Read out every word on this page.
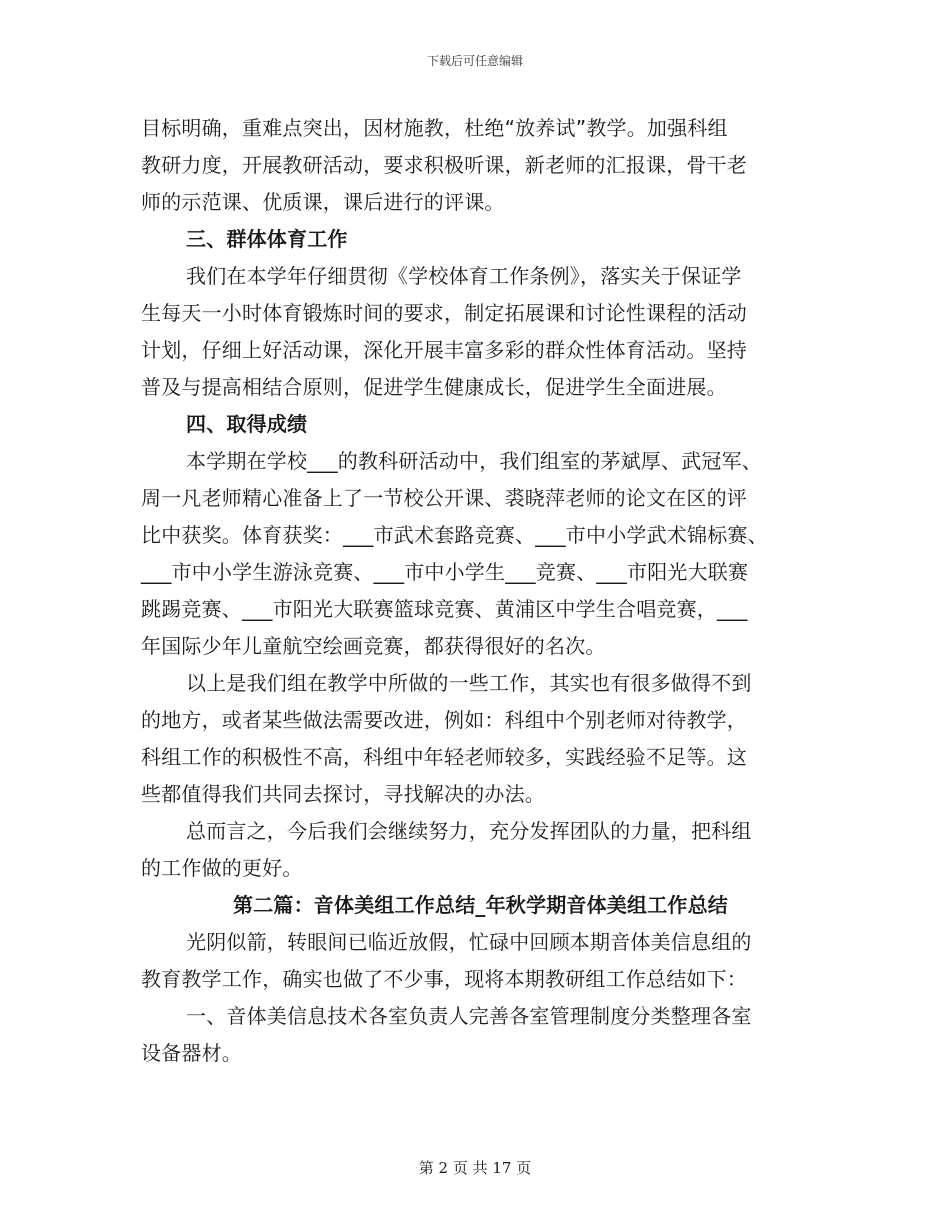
下载后可任意编辑
目标明确，重难点突出，因材施教，杜绝“放养试”教学。加强科组
教研力度，开展教研活动，要求积极听课，新老师的汇报课，骨干老
师的示范课、优质课，课后进行的评课。
三、群体体育工作
我们在本学年仔细贯彻《学校体育工作条例》，落实关于保证学
生每天一小时体育锻炼时间的要求，制定拓展课和讨论性课程的活动
计划，仔细上好活动课，深化开展丰富多彩的群众性体育活动。坚持
普及与提高相结合原则，促进学生健康成长，促进学生全面进展。
四、取得成绩
本学期在学校___的教科研活动中，我们组室的茅斌厚、武冠军、
周一凡老师精心准备上了一节校公开课、裘晓萍老师的论文在区的评
比中获奖。体育获奖：___市武术套路竞赛、___市中小学武术锦标赛、
___市中小学生游泳竞赛、___市中小学生___竞赛、___市阳光大联赛
跳踢竞赛、___市阳光大联赛篮球竞赛、黄浦区中学生合唱竞赛，___
年国际少年儿童航空绘画竞赛，都获得很好的名次。
以上是我们组在教学中所做的一些工作，其实也有很多做得不到
的地方，或者某些做法需要改进，例如：科组中个别老师对待教学，
科组工作的积极性不高，科组中年轻老师较多，实践经验不足等。这
些都值得我们共同去探讨，寻找解决的办法。
总而言之，今后我们会继续努力，充分发挥团队的力量，把科组
的工作做的更好。
第二篇：音体美组工作总结_年秋学期音体美组工作总结
光阴似箭，转眼间已临近放假，忙碌中回顾本期音体美信息组的
教育教学工作，确实也做了不少事，现将本期教研组工作总结如下：
一、音体美信息技术各室负责人完善各室管理制度分类整理各室
设备器材。
第 2 页 共 17 页
